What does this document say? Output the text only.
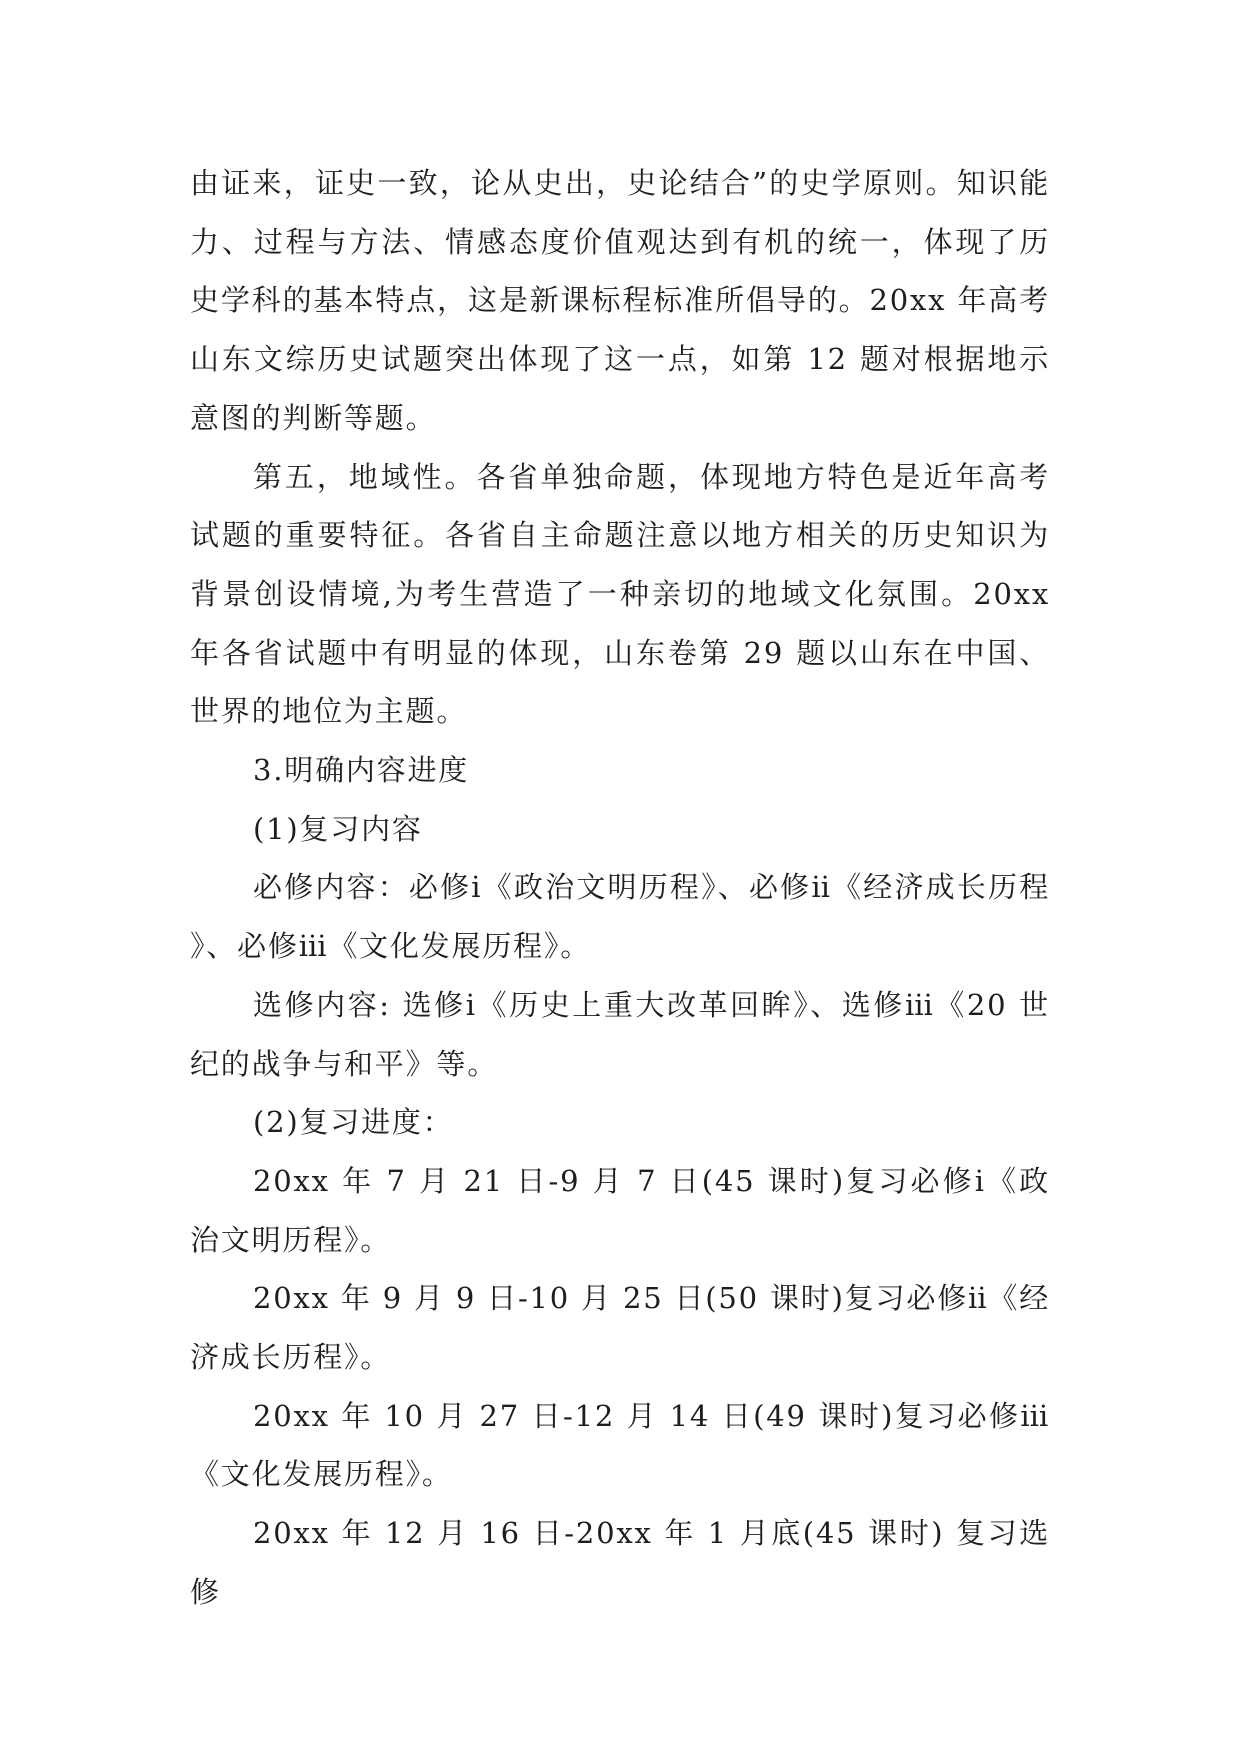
由证来，证史一致，论从史出，史论结合”的史学原则。知识能力、过程与方法、情感态度价值观达到有机的统一，体现了历史学科的基本特点，这是新课标程标准所倡导的。20xx 年高考山东文综历史试题突出体现了这一点，如第 12 题对根据地示意图的判断等题。

第五，地域性。各省单独命题，体现地方特色是近年高考试题的重要特征。各省自主命题注意以地方相关的历史知识为背景创设情境,为考生营造了一种亲切的地域文化氛围。20xx 年各省试题中有明显的体现，山东卷第 29 题以山东在中国、世界的地位为主题。

3.明确内容进度

(1)复习内容

必修内容：必修ⅰ《政治文明历程》、必修ⅱ《经济成长历程》、必修ⅲ《文化发展历程》。

选修内容: 选修ⅰ《历史上重大改革回眸》、选修ⅲ《20 世纪的战争与和平》等。

(2)复习进度：

20xx 年 7 月 21 日-9 月 7 日(45 课时)复习必修ⅰ《政治文明历程》。

20xx 年 9 月 9 日-10 月 25 日(50 课时)复习必修ⅱ《经济成长历程》。

20xx 年 10 月 27 日-12 月 14 日(49 课时)复习必修ⅲ《文化发展历程》。

20xx 年 12 月 16 日-20xx 年 1 月底(45 课时) 复习选修
